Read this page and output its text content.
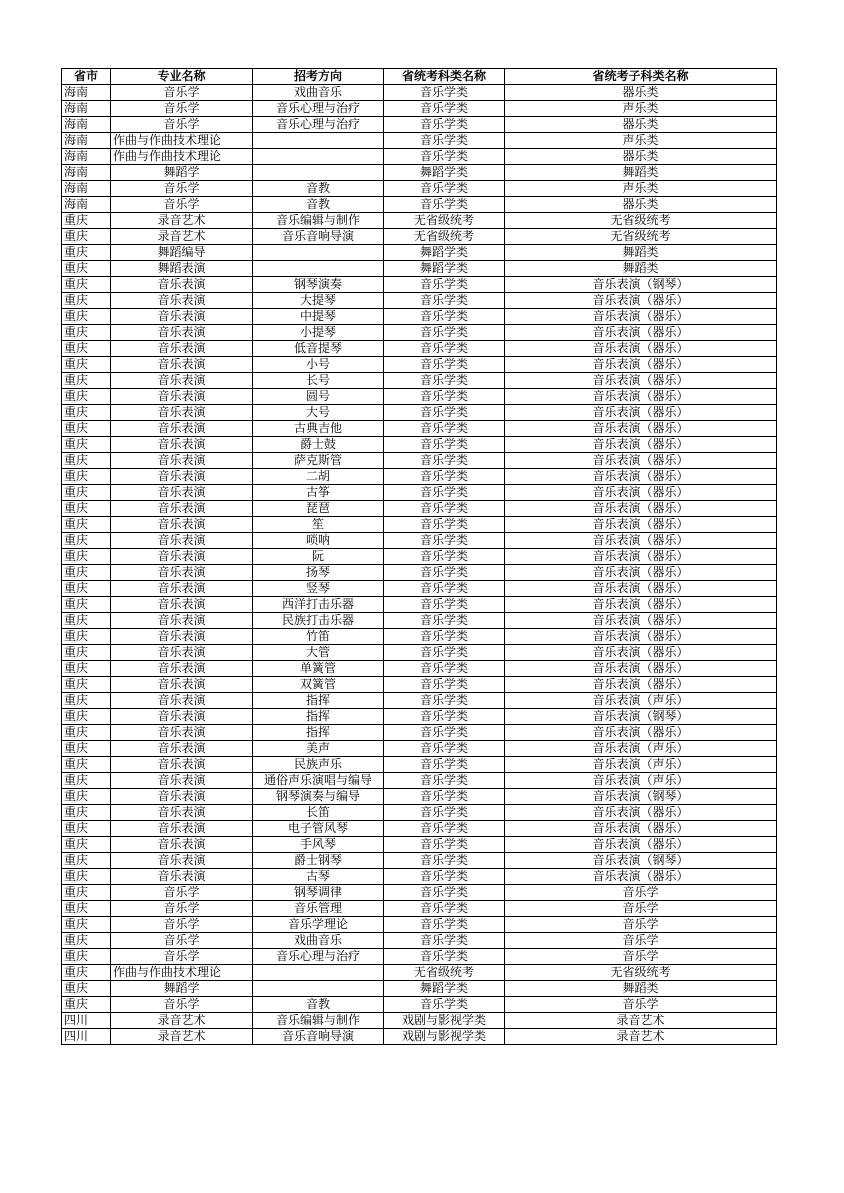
省市	专业名称	招考方向	省统考科类名称	省统考子科类名称
海南	音乐学	戏曲音乐	音乐学类	器乐类
海南	音乐学	音乐心理与治疗	音乐学类	声乐类
海南	音乐学	音乐心理与治疗	音乐学类	器乐类
海南	作曲与作曲技术理论		音乐学类	声乐类
海南	作曲与作曲技术理论		音乐学类	器乐类
海南	舞蹈学		舞蹈学类	舞蹈类
海南	音乐学	音教	音乐学类	声乐类
海南	音乐学	音教	音乐学类	器乐类
重庆	录音艺术	音乐编辑与制作	无省级统考	无省级统考
重庆	录音艺术	音乐音响导演	无省级统考	无省级统考
重庆	舞蹈编导		舞蹈学类	舞蹈类
重庆	舞蹈表演		舞蹈学类	舞蹈类
重庆	音乐表演	钢琴演奏	音乐学类	音乐表演（钢琴）
重庆	音乐表演	大提琴	音乐学类	音乐表演（器乐）
重庆	音乐表演	中提琴	音乐学类	音乐表演（器乐）
重庆	音乐表演	小提琴	音乐学类	音乐表演（器乐）
重庆	音乐表演	低音提琴	音乐学类	音乐表演（器乐）
重庆	音乐表演	小号	音乐学类	音乐表演（器乐）
重庆	音乐表演	长号	音乐学类	音乐表演（器乐）
重庆	音乐表演	圆号	音乐学类	音乐表演（器乐）
重庆	音乐表演	大号	音乐学类	音乐表演（器乐）
重庆	音乐表演	古典吉他	音乐学类	音乐表演（器乐）
重庆	音乐表演	爵士鼓	音乐学类	音乐表演（器乐）
重庆	音乐表演	萨克斯管	音乐学类	音乐表演（器乐）
重庆	音乐表演	二胡	音乐学类	音乐表演（器乐）
重庆	音乐表演	古筝	音乐学类	音乐表演（器乐）
重庆	音乐表演	琵琶	音乐学类	音乐表演（器乐）
重庆	音乐表演	笙	音乐学类	音乐表演（器乐）
重庆	音乐表演	唢呐	音乐学类	音乐表演（器乐）
重庆	音乐表演	阮	音乐学类	音乐表演（器乐）
重庆	音乐表演	扬琴	音乐学类	音乐表演（器乐）
重庆	音乐表演	竖琴	音乐学类	音乐表演（器乐）
重庆	音乐表演	西洋打击乐器	音乐学类	音乐表演（器乐）
重庆	音乐表演	民族打击乐器	音乐学类	音乐表演（器乐）
重庆	音乐表演	竹笛	音乐学类	音乐表演（器乐）
重庆	音乐表演	大管	音乐学类	音乐表演（器乐）
重庆	音乐表演	单簧管	音乐学类	音乐表演（器乐）
重庆	音乐表演	双簧管	音乐学类	音乐表演（器乐）
重庆	音乐表演	指挥	音乐学类	音乐表演（声乐）
重庆	音乐表演	指挥	音乐学类	音乐表演（钢琴）
重庆	音乐表演	指挥	音乐学类	音乐表演（器乐）
重庆	音乐表演	美声	音乐学类	音乐表演（声乐）
重庆	音乐表演	民族声乐	音乐学类	音乐表演（声乐）
重庆	音乐表演	通俗声乐演唱与编导	音乐学类	音乐表演（声乐）
重庆	音乐表演	钢琴演奏与编导	音乐学类	音乐表演（钢琴）
重庆	音乐表演	长笛	音乐学类	音乐表演（器乐）
重庆	音乐表演	电子管风琴	音乐学类	音乐表演（器乐）
重庆	音乐表演	手风琴	音乐学类	音乐表演（器乐）
重庆	音乐表演	爵士钢琴	音乐学类	音乐表演（钢琴）
重庆	音乐表演	古琴	音乐学类	音乐表演（器乐）
重庆	音乐学	钢琴调律	音乐学类	音乐学
重庆	音乐学	音乐管理	音乐学类	音乐学
重庆	音乐学	音乐学理论	音乐学类	音乐学
重庆	音乐学	戏曲音乐	音乐学类	音乐学
重庆	音乐学	音乐心理与治疗	音乐学类	音乐学
重庆	作曲与作曲技术理论		无省级统考	无省级统考
重庆	舞蹈学		舞蹈学类	舞蹈类
重庆	音乐学	音教	音乐学类	音乐学
四川	录音艺术	音乐编辑与制作	戏剧与影视学类	录音艺术
四川	录音艺术	音乐音响导演	戏剧与影视学类	录音艺术
